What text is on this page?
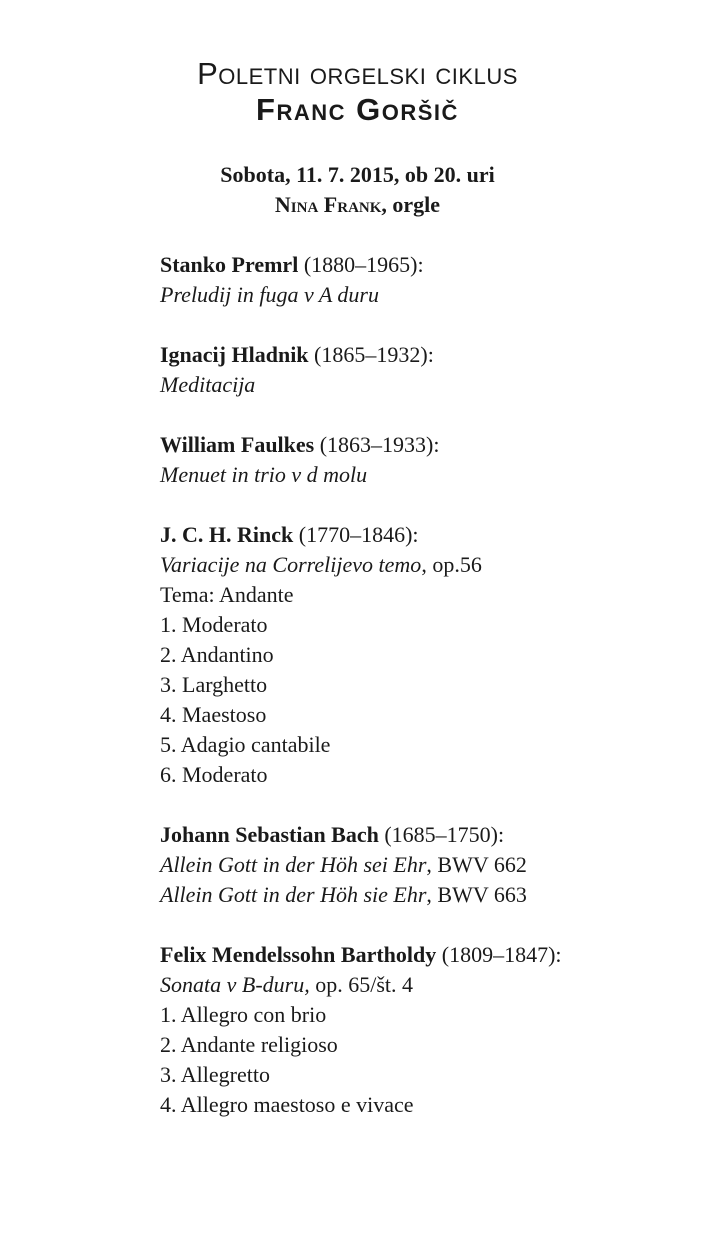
Poletni orgelski ciklus
Franc Goršič
Sobota, 11. 7. 2015, ob 20. uri
Nina Frank, orgle
Stanko Premrl (1880–1965):
Preludij in fuga v A duru
Ignacij Hladnik (1865–1932):
Meditacija
William Faulkes (1863–1933):
Menuet in trio v d molu
J. C. H. Rinck (1770–1846):
Variacije na Correlijevo temo, op.56
Tema: Andante
1. Moderato
2. Andantino
3. Larghetto
4. Maestoso
5. Adagio cantabile
6. Moderato
Johann Sebastian Bach (1685–1750):
Allein Gott in der Höh sei Ehr, BWV 662
Allein Gott in der Höh sie Ehr, BWV 663
Felix Mendelssohn Bartholdy (1809–1847):
Sonata v B-duru, op. 65/št. 4
1. Allegro con brio
2. Andante religioso
3. Allegretto
4. Allegro maestoso e vivace
